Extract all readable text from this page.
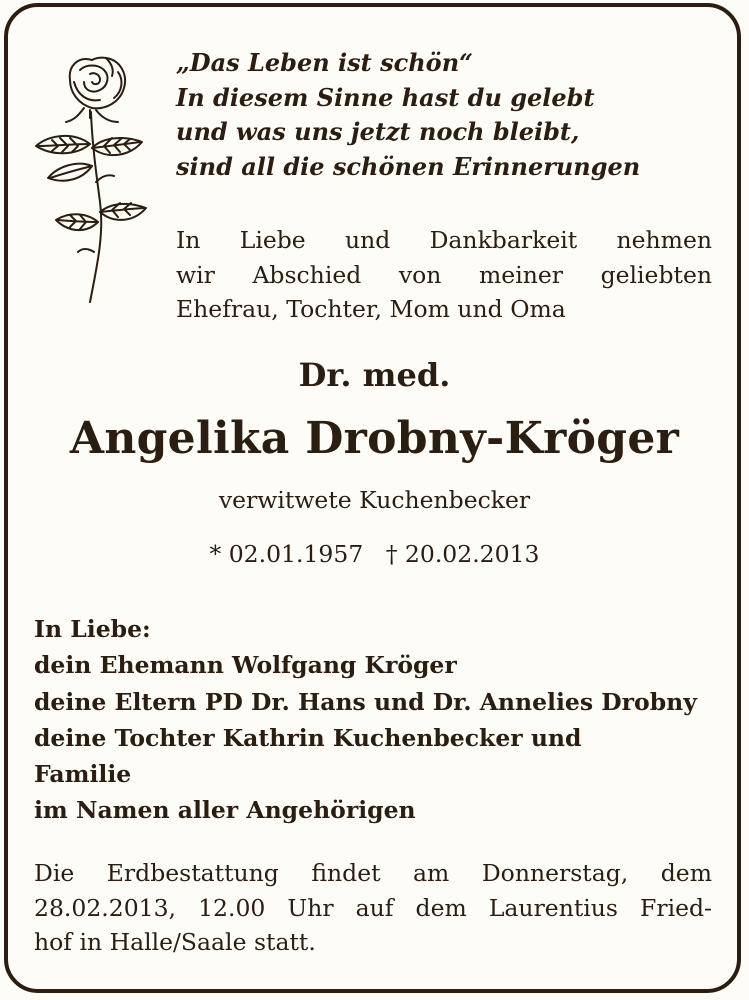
„Das Leben ist schön“
In diesem Sinne hast du gelebt
und was uns jetzt noch bleibt,
sind all die schönen Erinnerungen
In Liebe und Dankbarkeit nehmen
wir Abschied von meiner geliebten
Ehefrau, Tochter, Mom und Oma
Dr. med.
Angelika Drobny-Kröger
verwitwete Kuchenbecker
* 02.01.1957   † 20.02.2013
In Liebe:
dein Ehemann Wolfgang Kröger
deine Eltern PD Dr. Hans und Dr. Annelies Drobny
deine Tochter Kathrin Kuchenbecker und
Familie
im Namen aller Angehörigen
Die Erdbestattung findet am Donnerstag, dem
28.02.2013, 12.00 Uhr auf dem Laurentius Fried-
hof in Halle/Saale statt.
